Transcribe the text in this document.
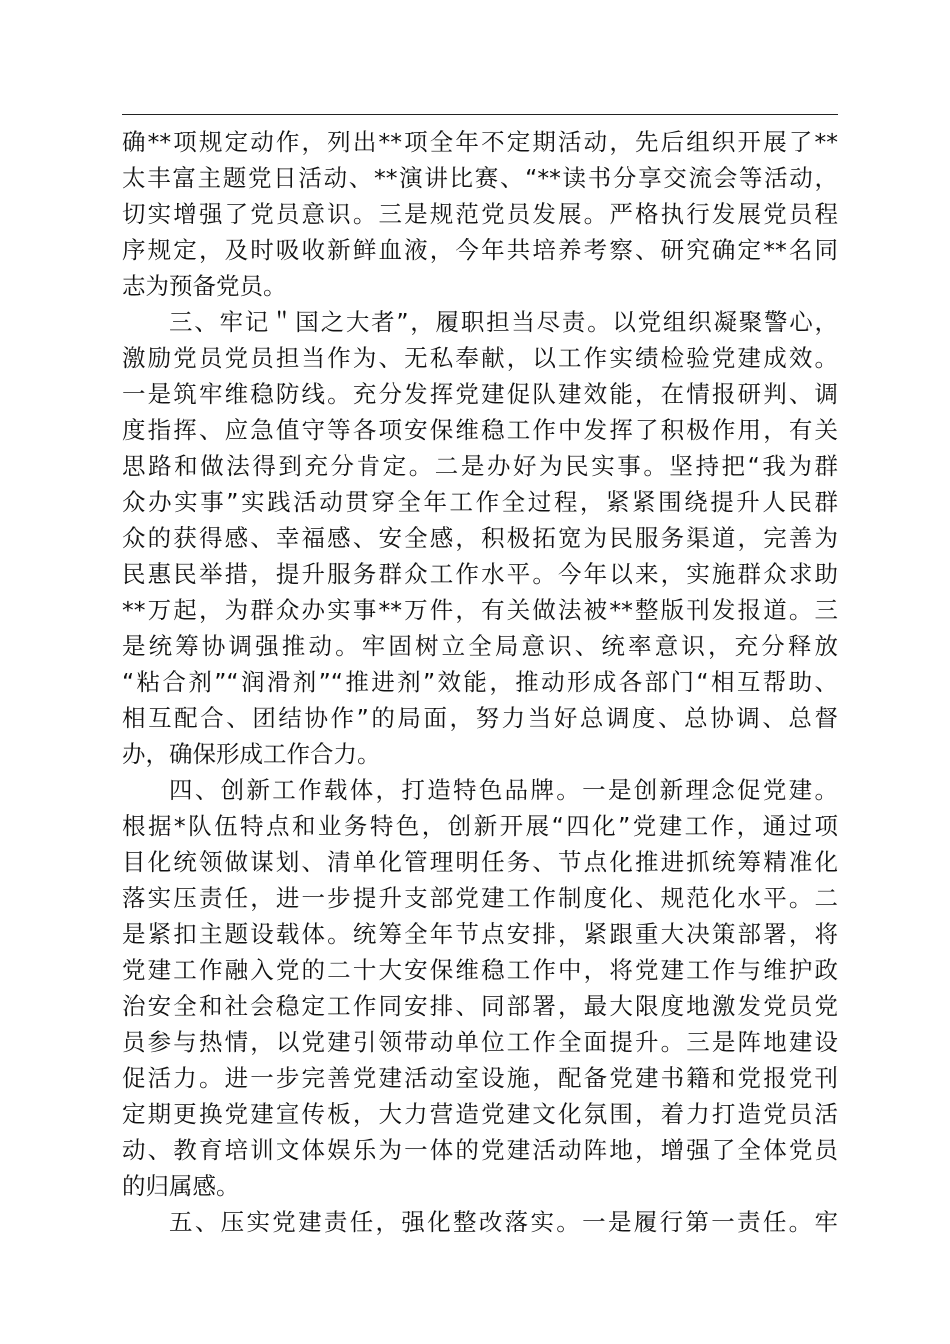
确**项规定动作，列出**项全年不定期活动，先后组织开展了**
太丰富主题党日活动、**演讲比赛、“**读书分享交流会等活动，
切实增强了党员意识。三是规范党员发展。严格执行发展党员程
序规定，及时吸收新鲜血液，今年共培养考察、研究确定**名同
志为预备党员。
三、牢记＂国之大者”，履职担当尽责。以党组织凝聚警心，
激励党员党员担当作为、无私奉献，以工作实绩检验党建成效。
一是筑牢维稳防线。充分发挥党建促队建效能，在情报研判、调
度指挥、应急值守等各项安保维稳工作中发挥了积极作用，有关
思路和做法得到充分肯定。二是办好为民实事。坚持把“我为群
众办实事”实践活动贯穿全年工作全过程，紧紧围绕提升人民群
众的获得感、幸福感、安全感，积极拓宽为民服务渠道，完善为
民惠民举措，提升服务群众工作水平。今年以来，实施群众求助
**万起，为群众办实事**万件，有关做法被**整版刊发报道。三
是统筹协调强推动。牢固树立全局意识、统率意识，充分释放
“粘合剂”“润滑剂”“推进剂”效能，推动形成各部门“相互帮助、
相互配合、团结协作”的局面，努力当好总调度、总协调、总督
办，确保形成工作合力。
四、创新工作载体，打造特色品牌。一是创新理念促党建。
根据*队伍特点和业务特色，创新开展“四化”党建工作，通过项
目化统领做谋划、清单化管理明任务、节点化推进抓统筹精准化
落实压责任，进一步提升支部党建工作制度化、规范化水平。二
是紧扣主题设载体。统筹全年节点安排，紧跟重大决策部署，将
党建工作融入党的二十大安保维稳工作中，将党建工作与维护政
治安全和社会稳定工作同安排、同部署，最大限度地激发党员党
员参与热情，以党建引领带动单位工作全面提升。三是阵地建设
促活力。进一步完善党建活动室设施，配备党建书籍和党报党刊
定期更换党建宣传板，大力营造党建文化氛围，着力打造党员活
动、教育培训文体娱乐为一体的党建活动阵地，增强了全体党员
的归属感。
五、压实党建责任，强化整改落实。一是履行第一责任。牢
